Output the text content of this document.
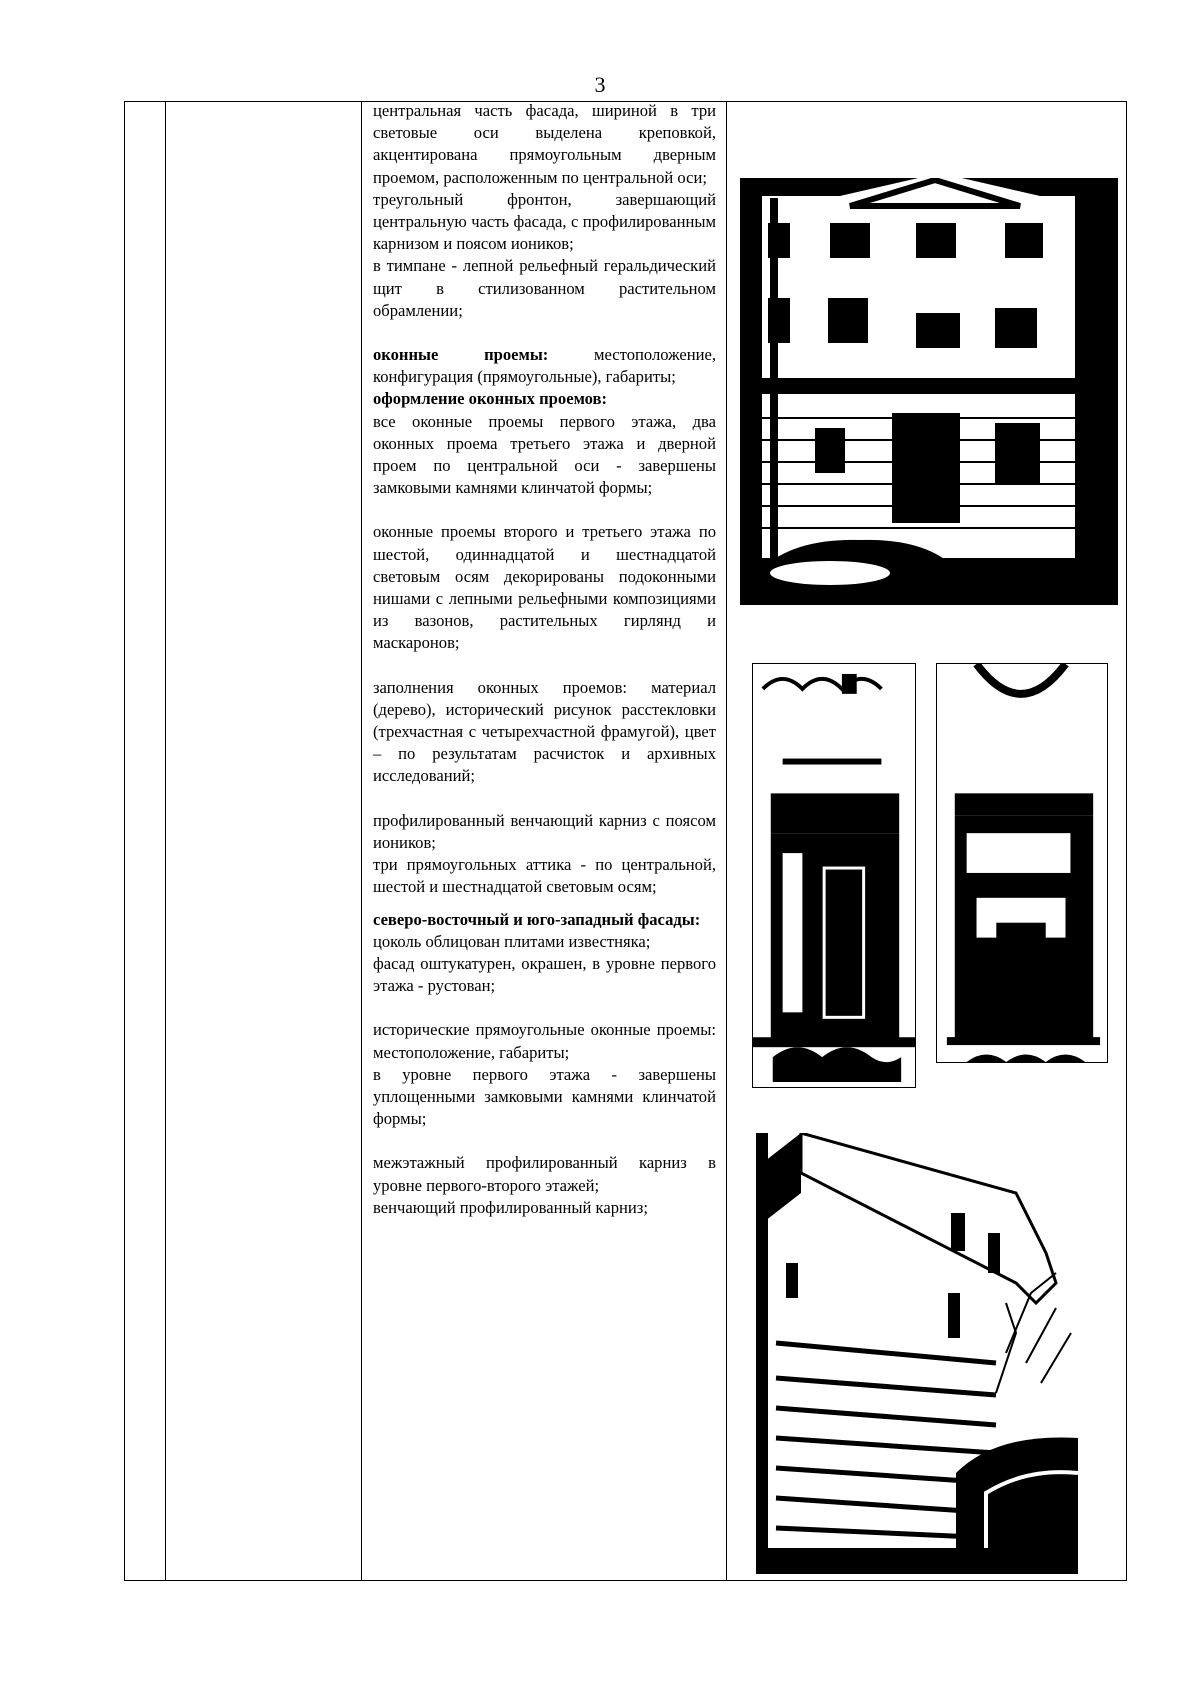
3

центральная часть фасада, шириной в три световые оси выделена креповкой, акцентирована прямоугольным дверным проемом, расположенным по центральной оси;

треугольный фронтон, завершающий центральную часть фасада, с профилированным карнизом и поясом иоников;

в тимпане - лепной рельефный геральдический щит в стилизованном растительном обрамлении;

оконные проемы:	местоположение, конфигурация (прямоугольные), габариты;

оформление оконных проемов:

все оконные проемы первого этажа, два оконных проема третьего этажа и дверной проем по центральной оси - завершены замковыми камнями клинчатой формы;

оконные проемы второго и третьего этажа по шестой, одиннадцатой и шестнадцатой световым осям декорированы подоконными нишами с лепными рельефными композициями из вазонов, растительных гирлянд и маскаронов;

заполнения оконных проемов: материал (дерево), исторический рисунок расстекловки (трехчастная с четырехчастной фрамугой), цвет – по результатам расчисток и архивных исследований;

профилированный венчающий карниз с поясом иоников;

три прямоугольных аттика - по центральной, шестой и шестнадцатой световым осям;

северо-восточный и юго-западный фасады:

цоколь облицован плитами известняка;

фасад оштукатурен, окрашен, в уровне первого этажа - рустован;

исторические прямоугольные оконные проемы: местоположение, габариты;

в уровне первого этажа - завершены уплощенными замковыми камнями клинчатой формы;

межэтажный профилированный карниз в уровне первого-второго этажей;

венчающий профилированный карниз;
